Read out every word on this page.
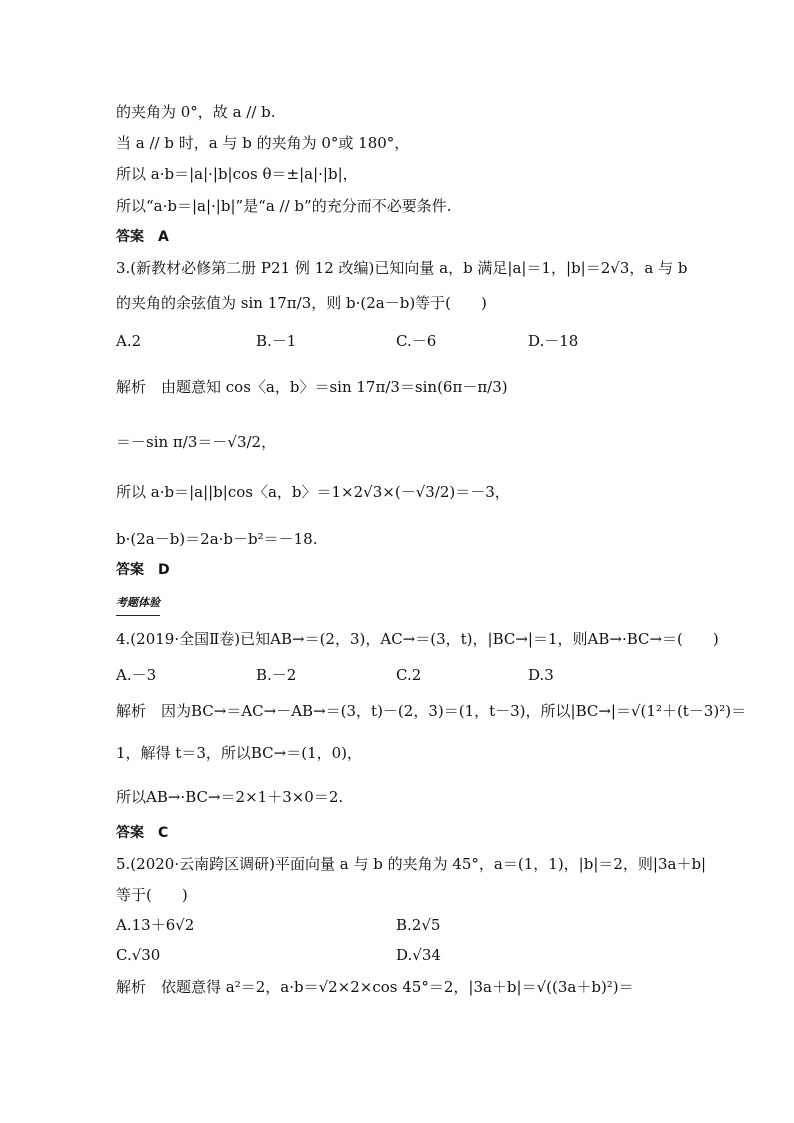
的夹角为 0°，故 a // b.
当 a // b 时，a 与 b 的夹角为 0°或 180°，
所以 a·b＝|a|·|b|cos θ＝±|a|·|b|，
所以“a·b＝|a|·|b|”是“a // b”的充分而不必要条件.
答案　A
3.(新教材必修第二册 P21 例 12 改编)已知向量 a，b 满足|a|＝1，|b|＝2√3，a 与 b
的夹角的余弦值为 sin 17π/3，则 b·(2a－b)等于(　　)
A.2	B.－1	C.－6	D.－18
解析　由题意知 cos〈a，b〉＝sin 17π/3＝sin(6π－π/3)
＝－sin π/3＝－√3/2，
所以 a·b＝|a||b|cos〈a，b〉＝1×2√3×(－√3/2)＝－3，
b·(2a－b)＝2a·b－b²＝－18.
答案　D
考题体验
4.(2019·全国Ⅱ卷)已知AB→＝(2，3)，AC→＝(3，t)，|BC→|＝1，则AB→·BC→＝(　　)
A.－3	B.－2	C.2	D.3
解析　因为BC→＝AC→－AB→＝(3，t)－(2，3)＝(1，t－3)，所以|BC→|＝√(1²＋(t－3)²)＝
1，解得 t＝3，所以BC→＝(1，0)，
所以AB→·BC→＝2×1＋3×0＝2.
答案　C
5.(2020·云南跨区调研)平面向量 a 与 b 的夹角为 45°，a＝(1，1)，|b|＝2，则|3a＋b|
等于(　　)
A.13＋6√2	B.2√5
C.√30	D.√34
解析　依题意得 a²＝2，a·b＝√2×2×cos 45°＝2，|3a＋b|＝√((3a＋b)²)＝
